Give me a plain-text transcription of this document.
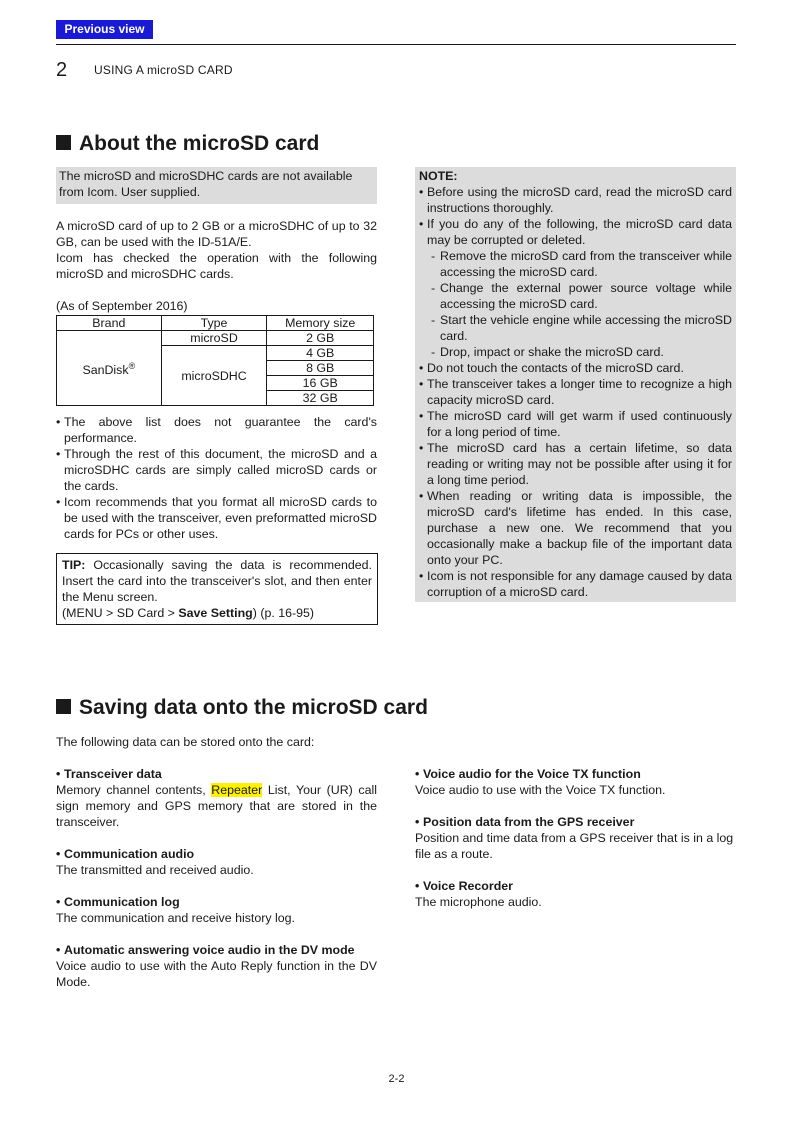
Previous view
2 USING A microSD CARD
About the microSD card

The microSD and microSDHC cards are not available from Icom. User supplied.

A microSD card of up to 2 GB or a microSDHC of up to 32 GB, can be used with the ID-51A/E.

Icom has checked the operation with the following microSD and microSDHC cards.

(As of September 2016)
Brand	Type	Memory size
SanDisk®	microSD	2 GB
	microSDHC	4 GB
		8 GB
		16 GB
		32 GB
• The above list does not guarantee the card's performance.
• Through the rest of this document, the microSD and a microSDHC cards are simply called microSD cards or the cards.
• Icom recommends that you format all microSD cards to be used with the transceiver, even preformatted microSD cards for PCs or other uses.
TIP: Occasionally saving the data is recommended. Insert the card into the transceiver's slot, and then enter the Menu screen.
(MENU > SD Card > Save Setting) (p. 16-95)
NOTE:
• Before using the microSD card, read the microSD card instructions thoroughly.
• If you do any of the following, the microSD card data may be corrupted or deleted.
- Remove the microSD card from the transceiver while accessing the microSD card.
- Change the external power source voltage while accessing the microSD card.
- Start the vehicle engine while accessing the microSD card.
- Drop, impact or shake the microSD card.
• Do not touch the contacts of the microSD card.
• The transceiver takes a longer time to recognize a high capacity microSD card.
• The microSD card will get warm if used continuously for a long period of time.
• The microSD card has a certain lifetime, so data reading or writing may not be possible after using it for a long time period.
• When reading or writing data is impossible, the microSD card's lifetime has ended. In this case, purchase a new one. We recommend that you occasionally make a backup file of the important data onto your PC.
• Icom is not responsible for any damage caused by data corruption of a microSD card.
Saving data onto the microSD card
The following data can be stored onto the card:
• Transceiver data
Memory channel contents, Repeater List, Your (UR) call sign memory and GPS memory that are stored in the transceiver.
• Communication audio
The transmitted and received audio.
• Communication log
The communication and receive history log.
• Automatic answering voice audio in the DV mode
Voice audio to use with the Auto Reply function in the DV Mode.
• Voice audio for the Voice TX function
Voice audio to use with the Voice TX function.
• Position data from the GPS receiver
Position and time data from a GPS receiver that is in a log file as a route.
• Voice Recorder
The microphone audio.
2-2
